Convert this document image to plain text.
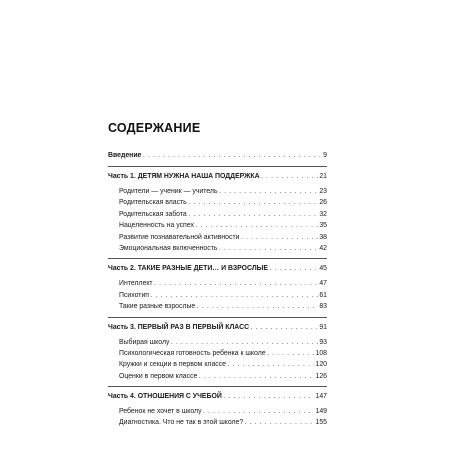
СОДЕРЖАНИЕ
Введение . . .	9
Часть 1. ДЕТЯМ НУЖНА НАША ПОДДЕРЖКА . . .	21
Родители — ученик — учитель . . .	23
Родительская власть . . .	26
Родительская забота . . .	32
Нацеленность на успех . . .	35
Развитие познавательной активности . . .	38
Эмоциональная включенность . . .	42
Часть 2. ТАКИЕ РАЗНЫЕ ДЕТИ… И ВЗРОСЛЫЕ . . .	45
Интеллект . . .	47
Психотип . . .	61
Такие разные взрослые . . .	83
Часть 3. ПЕРВЫЙ РАЗ В ПЕРВЫЙ КЛАСС . . .	91
Выбирая школу . . .	93
Психологическая готовность ребенка к школе . . .	108
Кружки и секции в первом классе . . .	120
Оценки в первом классе . . .	126
Часть 4. ОТНОШЕНИЯ С УЧЕБОЙ . . .	147
Ребенок не хочет в школу . . .	149
Диагностика. Что не так в этой школе? . . .	155
